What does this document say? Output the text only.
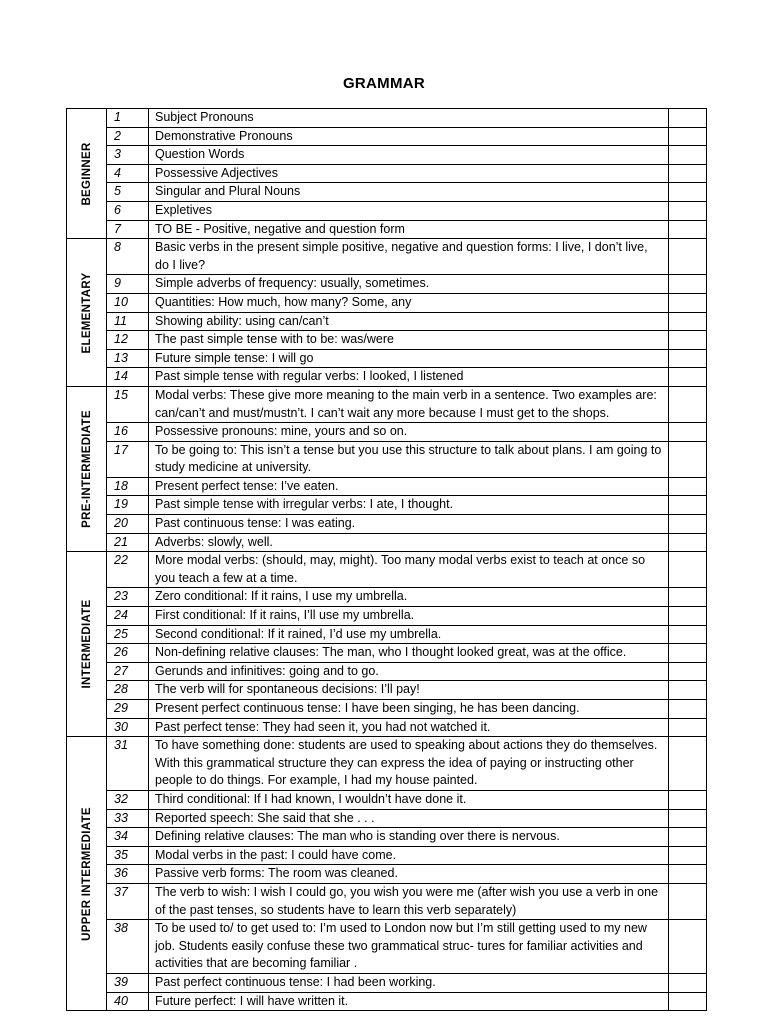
GRAMMAR
BEGINNER	1	Subject Pronouns	
	2	Demonstrative Pronouns	
	3	Question Words	
	4	Possessive Adjectives	
	5	Singular and Plural Nouns	
	6	Expletives	
	7	TO BE - Positive, negative and question form	

ELEMENTARY	8	Basic verbs in the present simple positive, negative and question forms: I live, I don’t live, do I live?	
	9	Simple adverbs of frequency: usually, sometimes.	
	10	Quantities: How much, how many? Some, any	
	11	Showing ability: using can/can’t	
	12	The past simple tense with to be: was/were	
	13	Future simple tense: I will go	
	14	Past simple tense with regular verbs: I looked, I listened	

PRE-INTERMEDIATE	15	Modal verbs: These give more meaning to the main verb in a sentence. Two examples are: can/can’t and must/mustn’t. I can’t wait any more because I must get to the shops.	
	16	Possessive pronouns: mine, yours and so on.	
	17	To be going to: This isn’t a tense but you use this structure to talk about plans. I am going to study medicine at university.	
	18	Present perfect tense: I’ve eaten.	
	19	Past simple tense with irregular verbs: I ate, I thought.	
	20	Past continuous tense: I was eating.	
	21	Adverbs: slowly, well.	

INTERMEDIATE	22	More modal verbs: (should, may, might). Too many modal verbs exist to teach at once so you teach a few at a time.	
	23	Zero conditional: If it rains, I use my umbrella.	
	24	First conditional: If it rains, I’ll use my umbrella.	
	25	Second conditional: If it rained, I’d use my umbrella.	
	26	Non-defining relative clauses: The man, who I thought looked great, was at the office.	
	27	Gerunds and infinitives: going and to go.	
	28	The verb will for spontaneous decisions: I’ll pay!	
	29	Present perfect continuous tense: I have been singing, he has been dancing.	
	30	Past perfect tense: They had seen it, you had not watched it.	

UPPER INTERMEDIATE	31	To have something done: students are used to speaking about actions they do themselves. With this grammatical structure they can express the idea of paying or instructing other people to do things. For example, I had my house painted.	
	32	Third conditional: If I had known, I wouldn’t have done it.	
	33	Reported speech: She said that she . . .	
	34	Defining relative clauses: The man who is standing over there is nervous.	
	35	Modal verbs in the past: I could have come.	
	36	Passive verb forms: The room was cleaned.	
	37	The verb to wish: I wish I could go, you wish you were me (after wish you use a verb in one of the past tenses, so students have to learn this verb separately)	
	38	To be used to/ to get used to: I’m used to London now but I’m still getting used to my new job. Students easily confuse these two grammatical struc- tures for familiar activities and activities that are becoming familiar .	
	39	Past perfect continuous tense: I had been working.	
	40	Future perfect: I will have written it.	
